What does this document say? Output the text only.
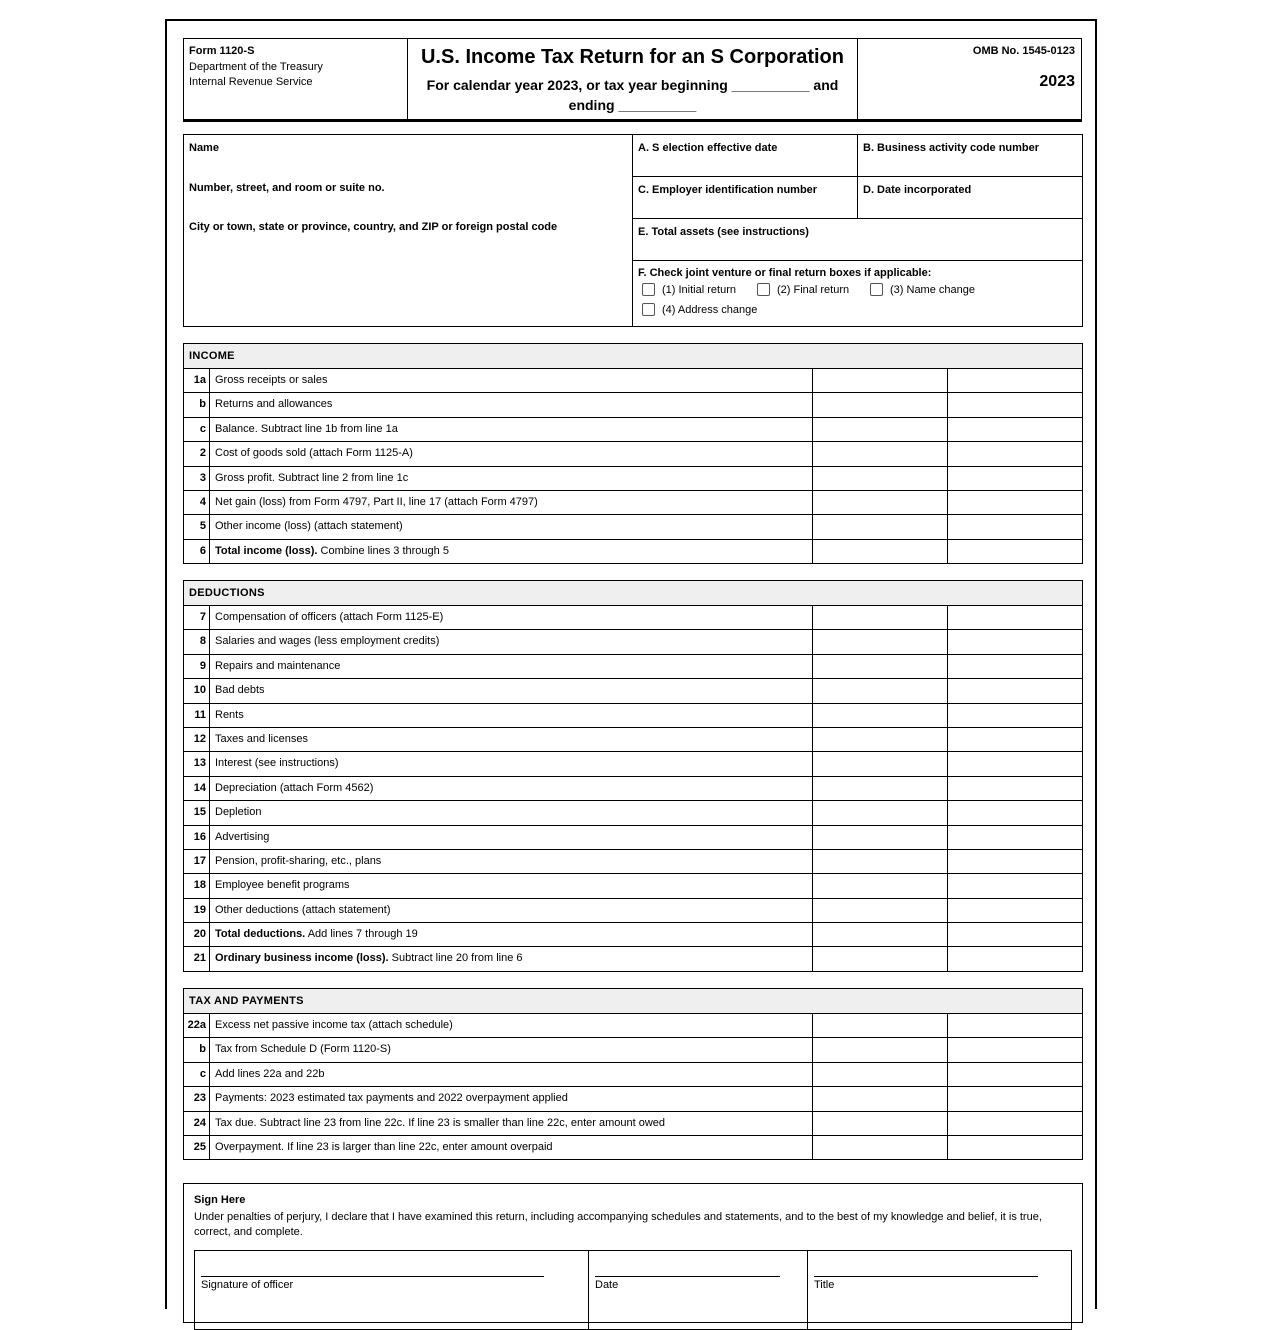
Form 1120-S
Department of the Treasury
Internal Revenue Service
U.S. Income Tax Return for an S Corporation
For calendar year 2023, or tax year beginning __________ and ending __________
OMB No. 1545-0123
2023
Name
Number, street, and room or suite no.
City or town, state or province, country, and ZIP or foreign postal code
A. S election effective date	B. Business activity code number
C. Employer identification number	D. Date incorporated
E. Total assets (see instructions)
F. Check joint venture or final return boxes if applicable:
(1) Initial return	(2) Final return	(3) Name change
(4) Address change
INCOME
1a Gross receipts or sales
b Returns and allowances
c Balance. Subtract line 1b from line 1a
2 Cost of goods sold (attach Form 1125-A)
3 Gross profit. Subtract line 2 from line 1c
4 Net gain (loss) from Form 4797, Part II, line 17 (attach Form 4797)
5 Other income (loss) (attach statement)
6 Total income (loss). Combine lines 3 through 5
DEDUCTIONS
7 Compensation of officers (attach Form 1125-E)
8 Salaries and wages (less employment credits)
9 Repairs and maintenance
10 Bad debts
11 Rents
12 Taxes and licenses
13 Interest (see instructions)
14 Depreciation (attach Form 4562)
15 Depletion
16 Advertising
17 Pension, profit-sharing, etc., plans
18 Employee benefit programs
19 Other deductions (attach statement)
20 Total deductions. Add lines 7 through 19
21 Ordinary business income (loss). Subtract line 20 from line 6
TAX AND PAYMENTS
22a Excess net passive income tax (attach schedule)
b Tax from Schedule D (Form 1120-S)
c Add lines 22a and 22b
23 Payments: 2023 estimated tax payments and 2022 overpayment applied
24 Tax due. Subtract line 23 from line 22c. If line 23 is smaller than line 22c, enter amount owed
25 Overpayment. If line 23 is larger than line 22c, enter amount overpaid
Sign Here
Under penalties of perjury, I declare that I have examined this return, including accompanying schedules and statements, and to the best of my knowledge and belief, it is true, correct, and complete.
Signature of officer	Date	Title
